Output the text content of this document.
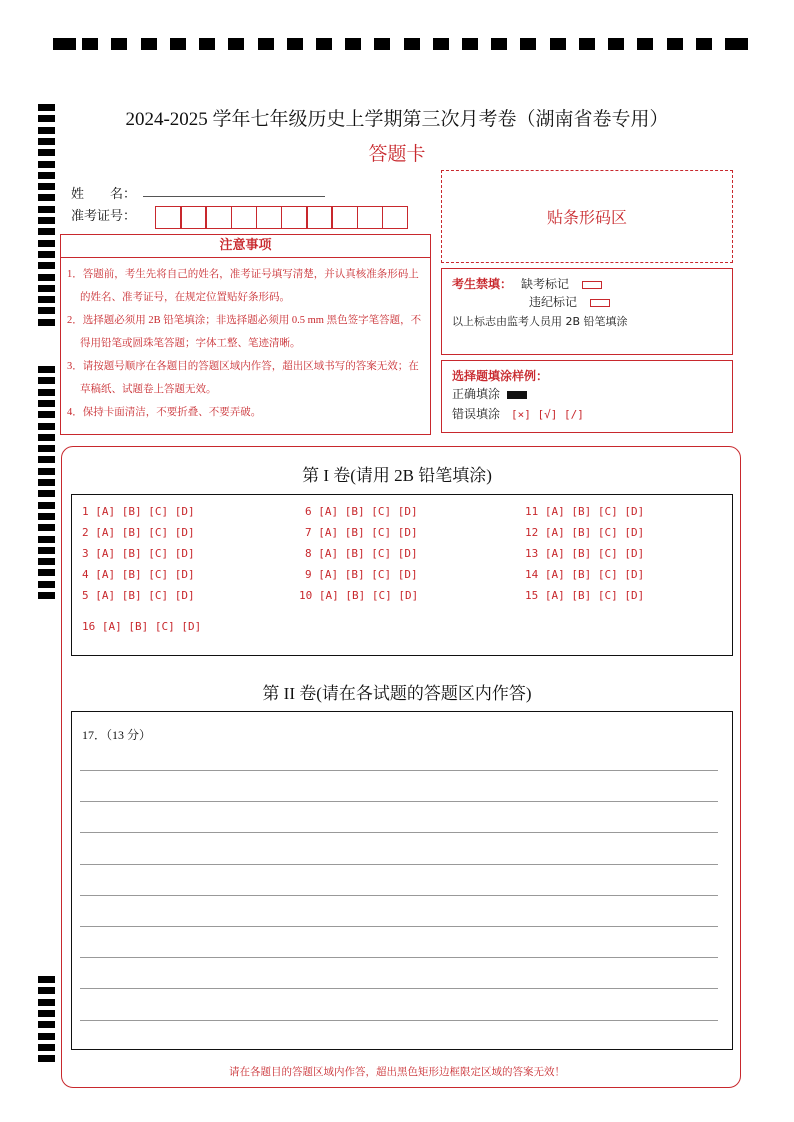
2024-2025 学年七年级历史上学期第三次月考卷（湖南省卷专用）
答题卡
姓　　名：
准考证号：	贴条形码区
注意事项

1．答题前，考生先将自己的姓名，准考证号填写清楚，并认真核准条形码上的姓名、准考证号，在规定位置贴好条形码。

2．选择题必须用 2B 铅笔填涂；非选择题必须用 0.5 mm 黑色签字笔答题，不得用铅笔或圆珠笔答题；字体工整、笔迹清晰。

3．请按题号顺序在各题目的答题区域内作答，超出区域书写的答案无效；在草稿纸、试题卷上答题无效。

4．保持卡面清洁，不要折叠、不要弄破。

考生禁填： 缺考标记
违纪标记
以上标志由监考人员用 2B 铅笔填涂
选择题填涂样例：
正确填涂
错误填涂 [×] [√] [/]
第 I 卷(请用 2B 铅笔填涂)
1 [A] [B] [C] [D]
2 [A] [B] [C] [D]
3 [A] [B] [C] [D]
4 [A] [B] [C] [D]
5 [A] [B] [C] [D]
6 [A] [B] [C] [D]
7 [A] [B] [C] [D]
8 [A] [B] [C] [D]
9 [A] [B] [C] [D]
10 [A] [B] [C] [D]
11 [A] [B] [C] [D]
12 [A] [B] [C] [D]
13 [A] [B] [C] [D]
14 [A] [B] [C] [D]
15 [A] [B] [C] [D]
16 [A] [B] [C] [D]
第 II 卷(请在各试题的答题区内作答)
17．（13 分）
请在各题目的答题区域内作答，超出黑色矩形边框限定区域的答案无效！
